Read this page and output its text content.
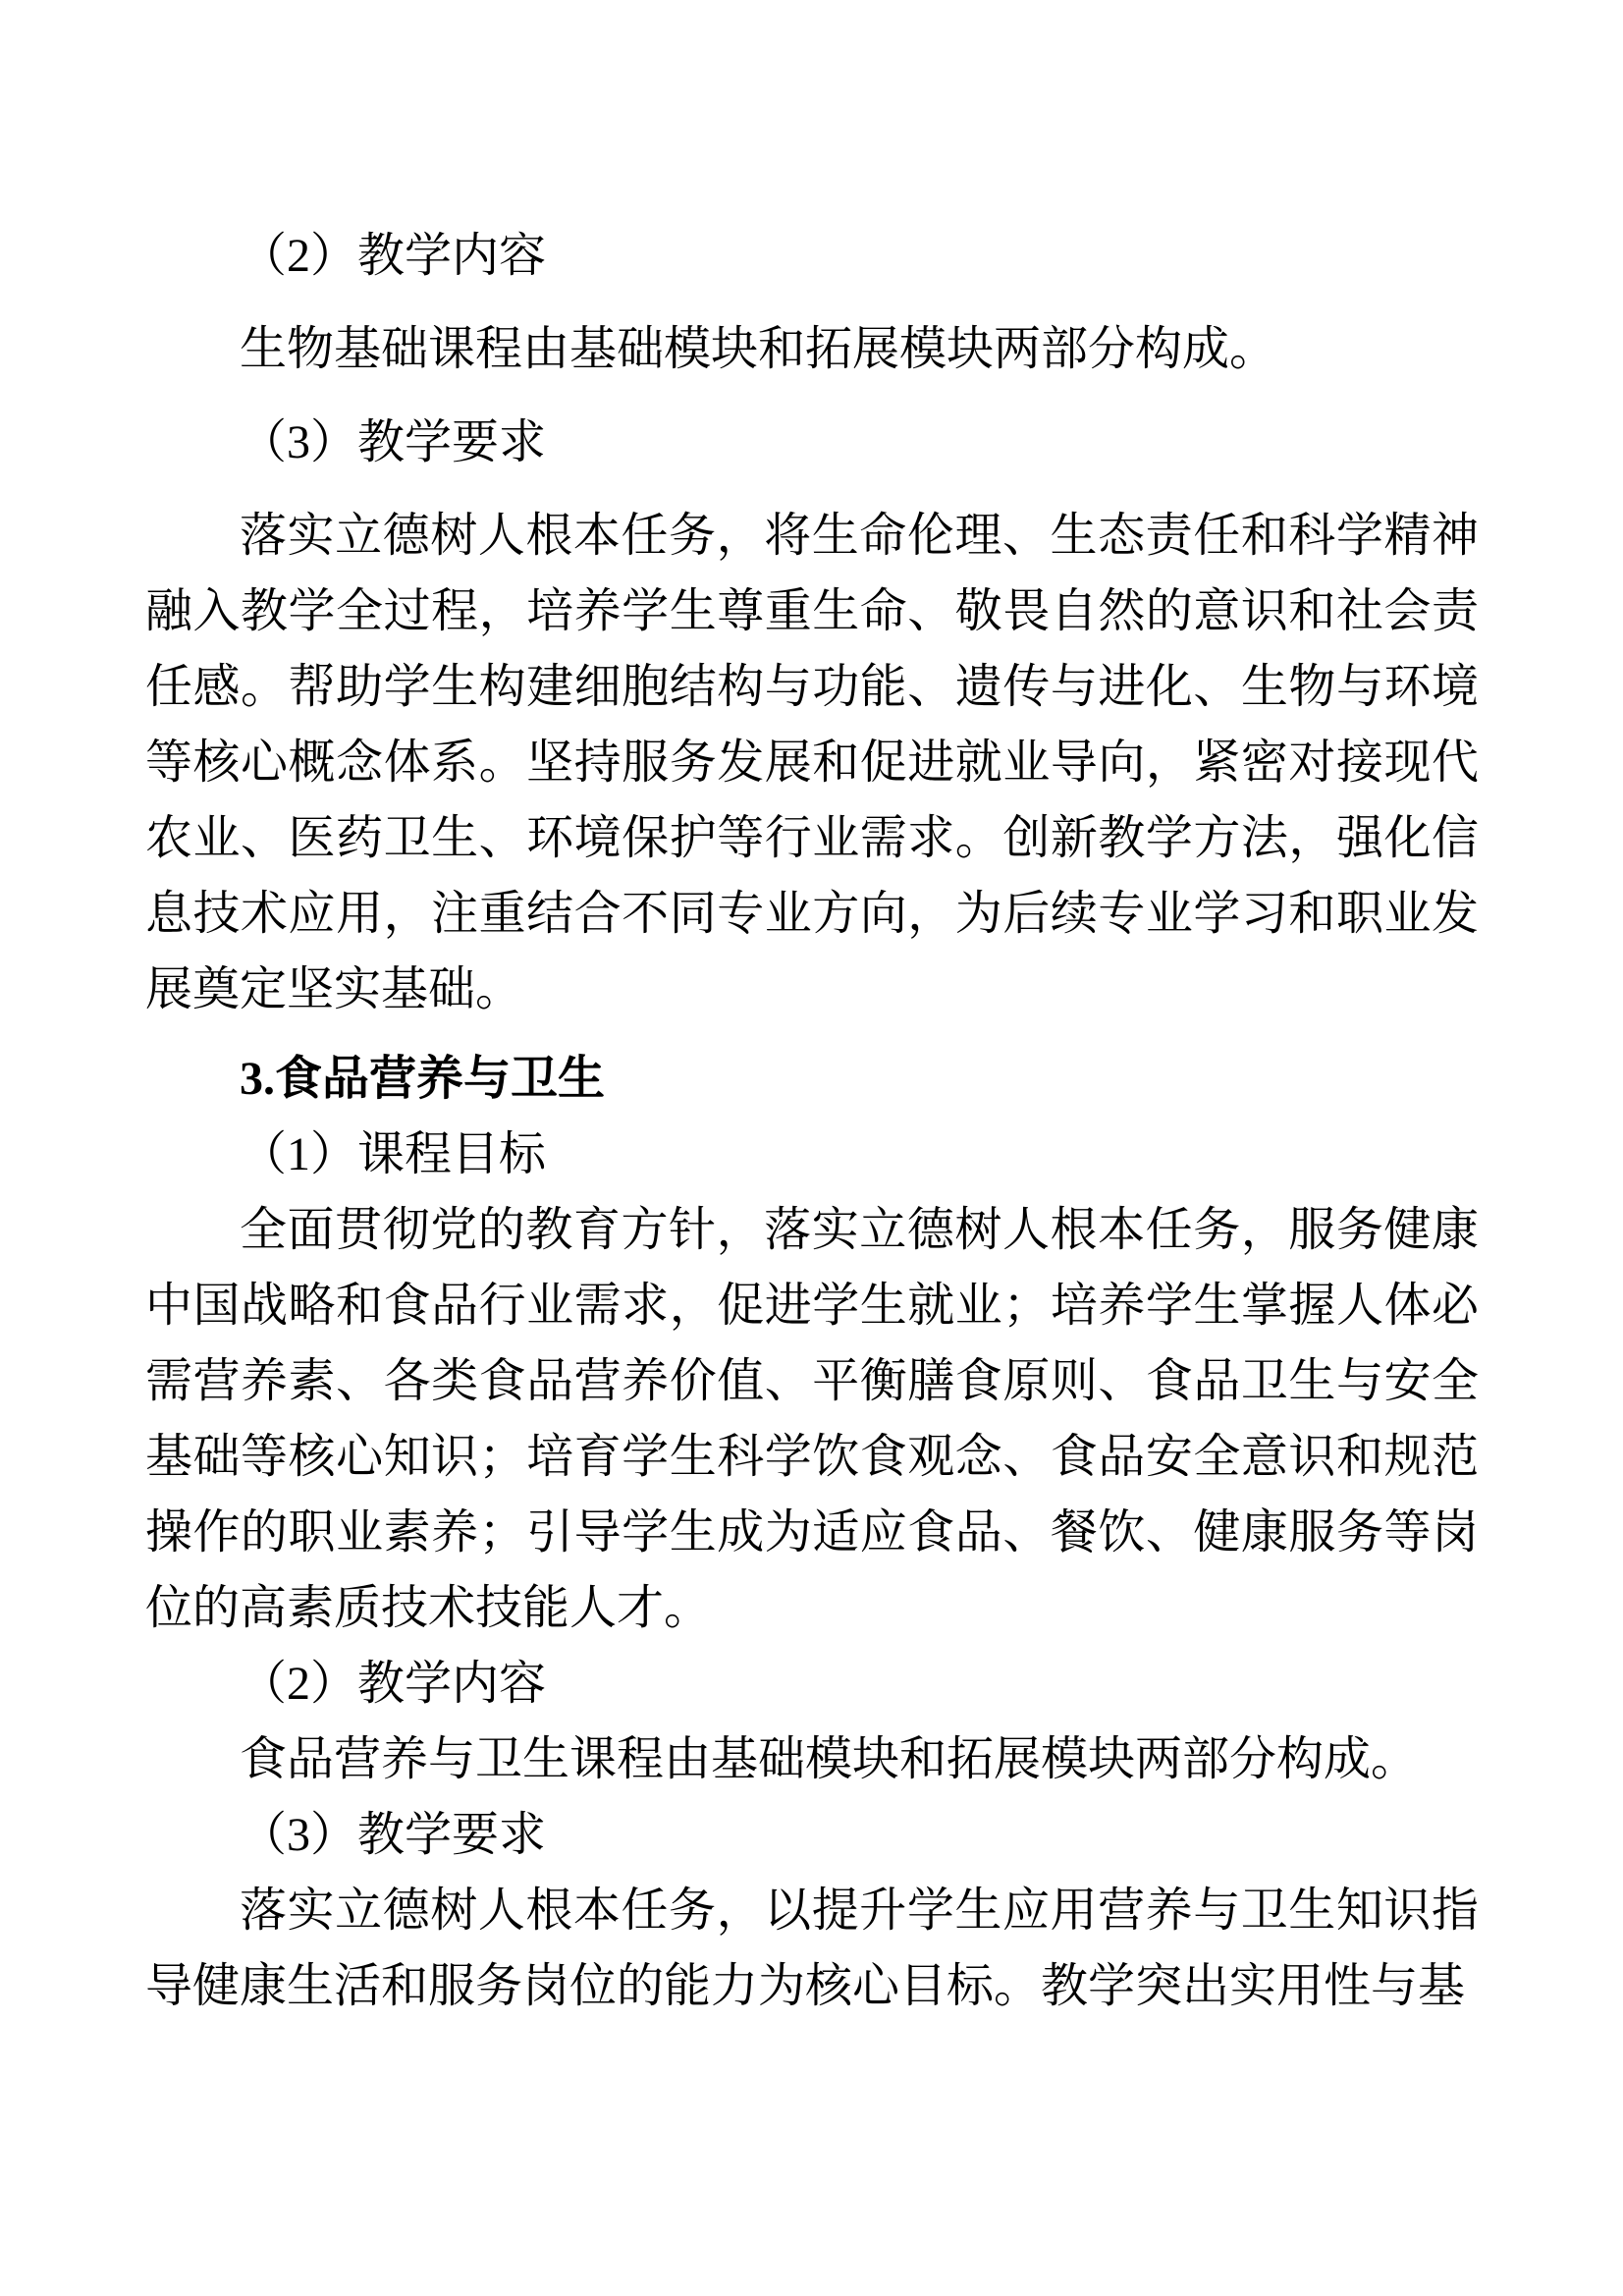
（2）教学内容
生物基础课程由基础模块和拓展模块两部分构成。
（3）教学要求
落实立德树人根本任务，将生命伦理、生态责任和科学精神融入教学全过程，培养学生尊重生命、敬畏自然的意识和社会责任感。帮助学生构建细胞结构与功能、遗传与进化、生物与环境等核心概念体系。坚持服务发展和促进就业导向，紧密对接现代农业、医药卫生、环境保护等行业需求。创新教学方法，强化信息技术应用，注重结合不同专业方向，为后续专业学习和职业发展奠定坚实基础。
3.食品营养与卫生
（1）课程目标
全面贯彻党的教育方针，落实立德树人根本任务，服务健康中国战略和食品行业需求，促进学生就业；培养学生掌握人体必需营养素、各类食品营养价值、平衡膳食原则、食品卫生与安全基础等核心知识；培育学生科学饮食观念、食品安全意识和规范操作的职业素养；引导学生成为适应食品、餐饮、健康服务等岗位的高素质技术技能人才。
（2）教学内容
食品营养与卫生课程由基础模块和拓展模块两部分构成。
（3）教学要求
落实立德树人根本任务，以提升学生应用营养与卫生知识指导健康生活和服务岗位的能力为核心目标。教学突出实用性与基
